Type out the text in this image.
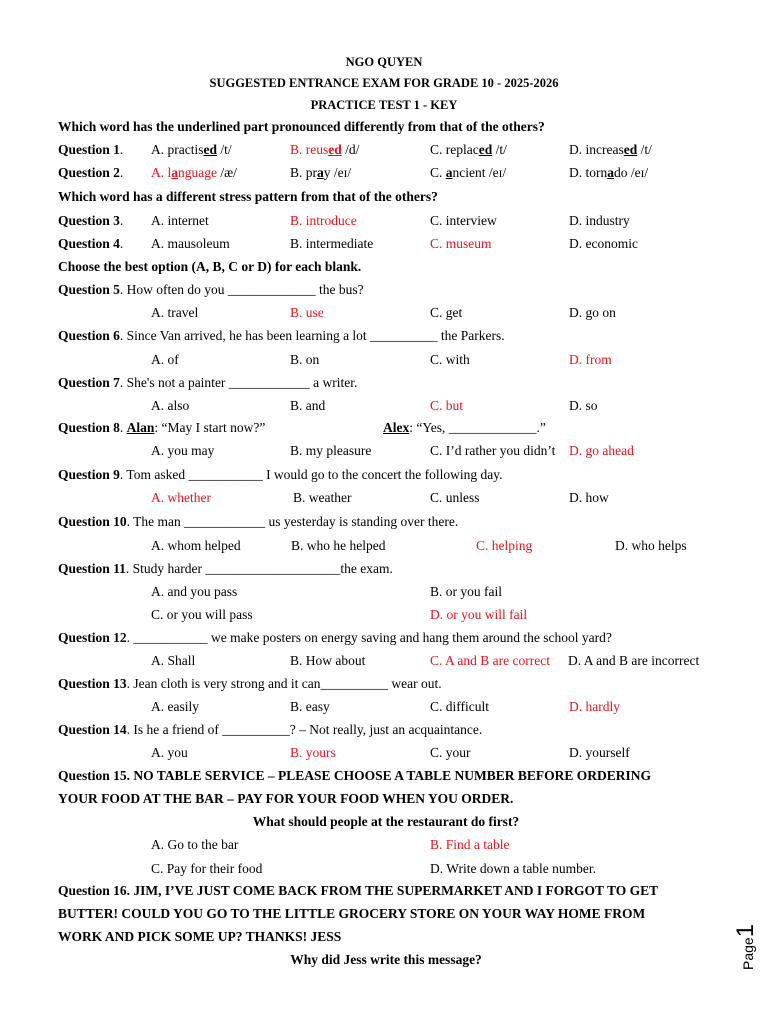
NGO QUYEN
SUGGESTED ENTRANCE EXAM FOR GRADE 10 - 2025-2026
PRACTICE TEST 1 - KEY
Which word has the underlined part pronounced differently from that of the others?
Question 1. A. practised /t/	B. reused /d/	C. replaced /t/	D. increased /t/
Question 2. A. language /æ/	B. pray /eɪ/	C. ancient /eɪ/	D. tornado /eɪ/
Which word has a different stress pattern from that of the others?
Question 3. A. internet	B. introduce	C. interview	D. industry
Question 4. A. mausoleum	B. intermediate	C. museum	D. economic
Choose the best option (A, B, C or D) for each blank.
Question 5. How often do you _____________ the bus?
A. travel	B. use	C. get	D. go on
Question 6. Since Van arrived, he has been learning a lot __________ the Parkers.
A. of	B. on	C. with	D. from
Question 7. She's not a painter ____________ a writer.
A. also	B. and	C. but	D. so
Question 8. Alan: “May I start now?”	Alex: “Yes, _____________.”
A. you may	B. my pleasure	C. I’d rather you didn’t D. go ahead
Question 9. Tom asked ___________ I would go to the concert the following day.
A. whether	B. weather	C. unless	D. how
Question 10. The man ____________ us yesterday is standing over there.
A. whom helped	B. who he helped	C. helping	D. who helps
Question 11. Study harder ____________________the exam.
A. and you pass	B. or you fail
C. or you will pass	D. or you will fail
Question 12. ___________ we make posters on energy saving and hang them around the school yard?
A. Shall	B. How about	C. A and B are correct D. A and B are incorrect
Question 13. Jean cloth is very strong and it can__________ wear out.
A. easily	B. easy	C. difficult	D. hardly
Question 14. Is he a friend of __________? – Not really, just an acquaintance.
A. you	B. yours	C. your	D. yourself
Question 15. NO TABLE SERVICE – PLEASE CHOOSE A TABLE NUMBER BEFORE ORDERING
YOUR FOOD AT THE BAR – PAY FOR YOUR FOOD WHEN YOU ORDER.
What should people at the restaurant do first?
A. Go to the bar	B. Find a table
C. Pay for their food	D. Write down a table number.
Question 16. JIM, I’VE JUST COME BACK FROM THE SUPERMARKET AND I FORGOT TO GET
BUTTER! COULD YOU GO TO THE LITTLE GROCERY STORE ON YOUR WAY HOME FROM
WORK AND PICK SOME UP? THANKS! JESS
Why did Jess write this message?	Page1
